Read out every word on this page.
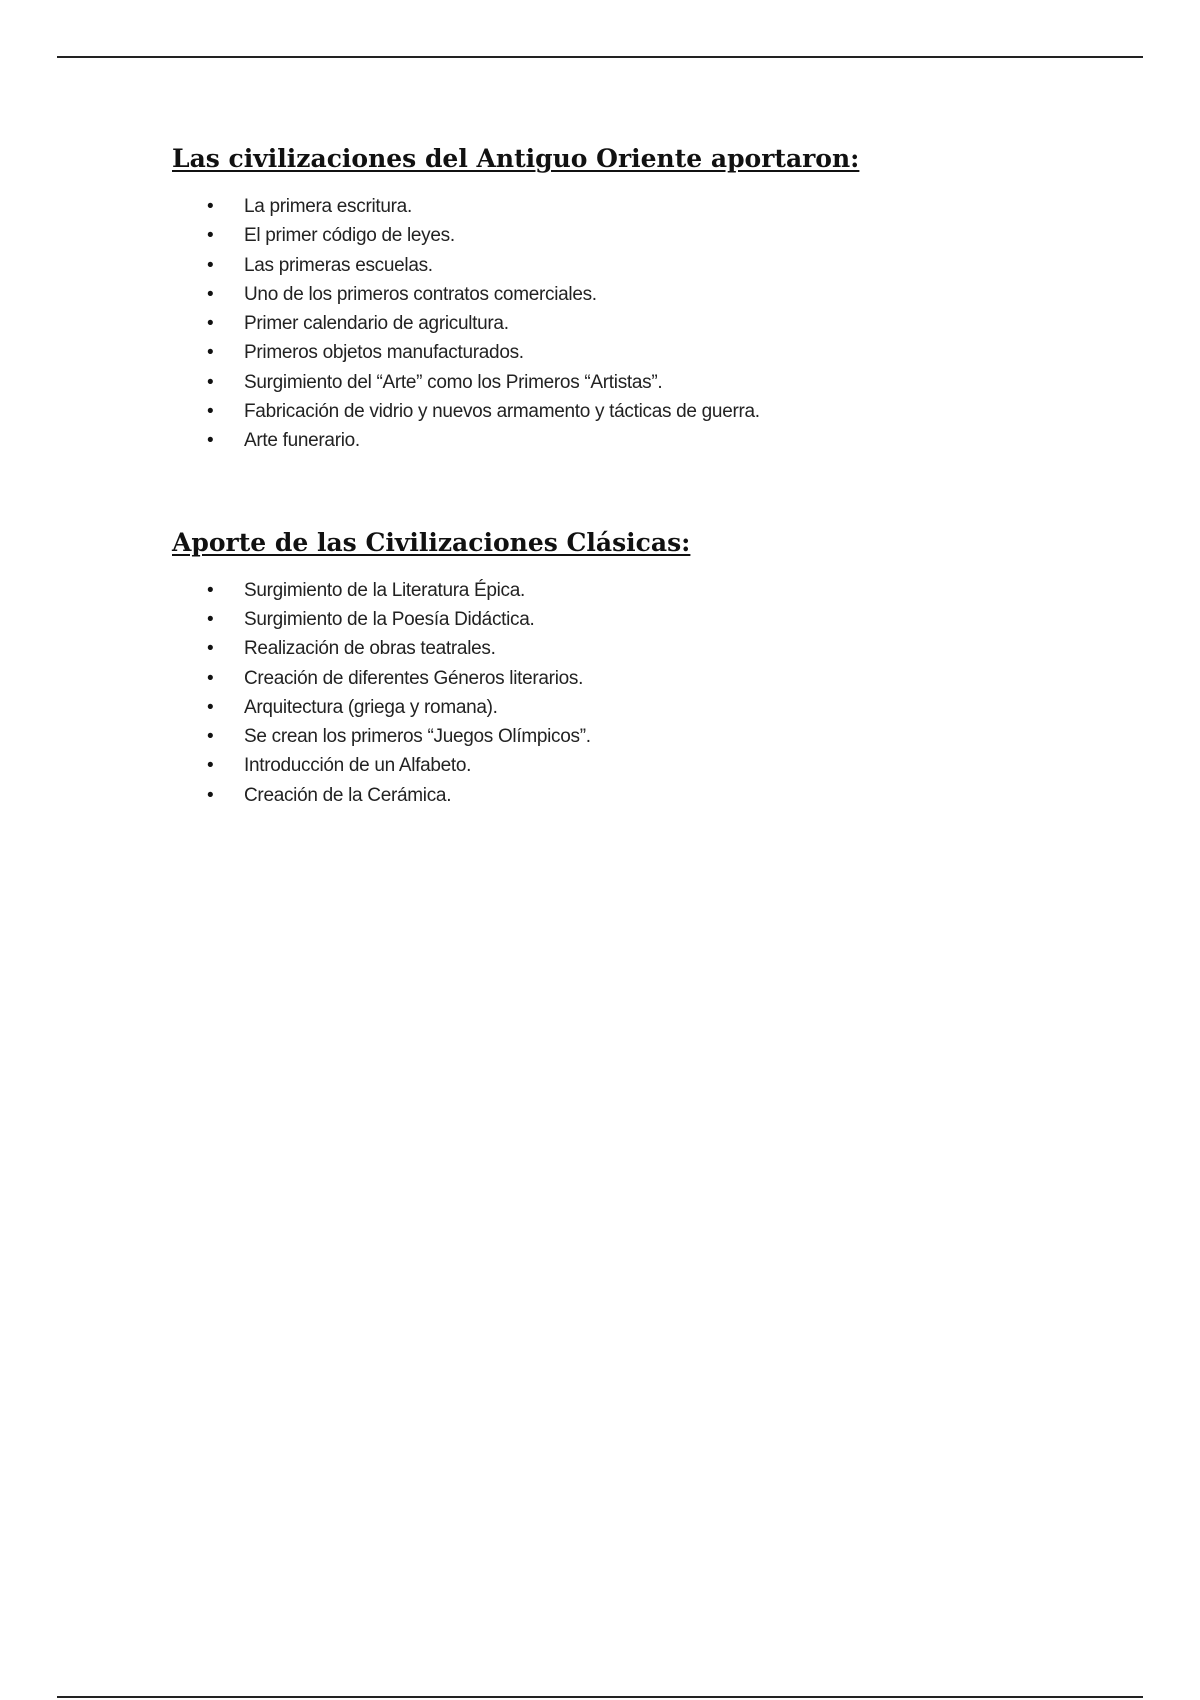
Las civilizaciones del Antiguo Oriente aportaron:
• La primera escritura.
• El primer código de leyes.
• Las primeras escuelas.
• Uno de los primeros contratos comerciales.
• Primer calendario de agricultura.
• Primeros objetos manufacturados.
• Surgimiento del “Arte” como los Primeros “Artistas”.
• Fabricación de vidrio y nuevos armamento y tácticas de guerra.
• Arte funerario.
Aporte de las Civilizaciones Clásicas:
• Surgimiento de la Literatura Épica.
• Surgimiento de la Poesía Didáctica.
• Realización de obras teatrales.
• Creación de diferentes Géneros literarios.
• Arquitectura (griega y romana).
• Se crean los primeros “Juegos Olímpicos”.
• Introducción de un Alfabeto.
• Creación de la Cerámica.
